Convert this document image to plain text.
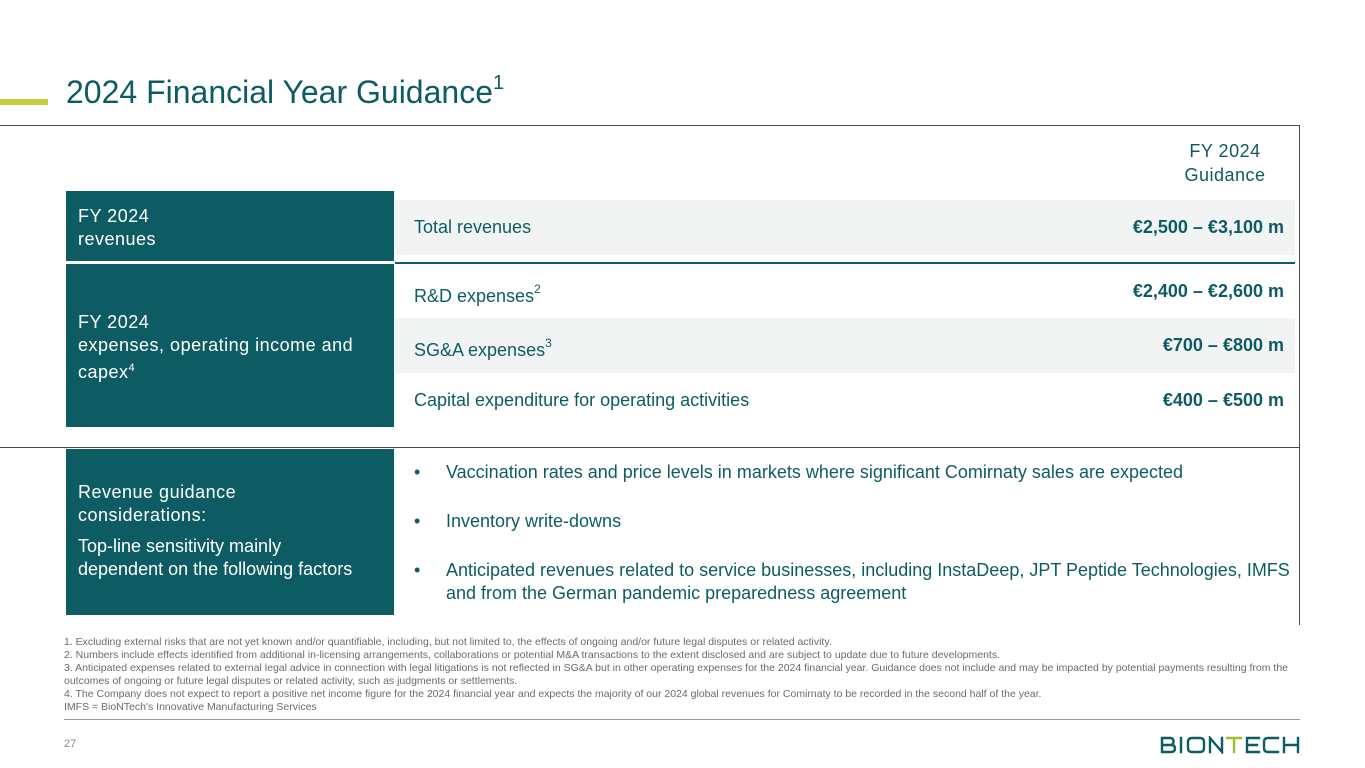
2024 Financial Year Guidance$^1$
FY 2024
Guidance
FY 2024
revenues
FY 2024
expenses, operating income and
capex$^4$
Total revenues	€2,500 – €3,100 m
R&D expenses$^2$	€2,400 – €2,600 m
SG&A expenses$^3$	€700 – €800 m
Capital expenditure for operating activities	€400 – €500 m
Revenue guidance
considerations:
Top-line sensitivity mainly
dependent on the following factors
• Vaccination rates and price levels in markets where significant Comirnaty sales are expected
• Inventory write-downs
• Anticipated revenues related to service businesses, including InstaDeep, JPT Peptide Technologies, IMFS and from the German pandemic preparedness agreement
1. Excluding external risks that are not yet known and/or quantifiable, including, but not limited to, the effects of ongoing and/or future legal disputes or related activity.
2. Numbers include effects identified from additional in-licensing arrangements, collaborations or potential M&A transactions to the extent disclosed and are subject to update due to future developments.
3. Anticipated expenses related to external legal advice in connection with legal litigations is not reflected in SG&A but in other operating expenses for the 2024 financial year. Guidance does not include and may be impacted by potential payments resulting from the outcomes of ongoing or future legal disputes or related activity, such as judgments or settlements.
4. The Company does not expect to report a positive net income figure for the 2024 financial year and expects the majority of our 2024 global revenues for Comirnaty to be recorded in the second half of the year.
IMFS = BioNTech's Innovative Manufacturing Services
27
